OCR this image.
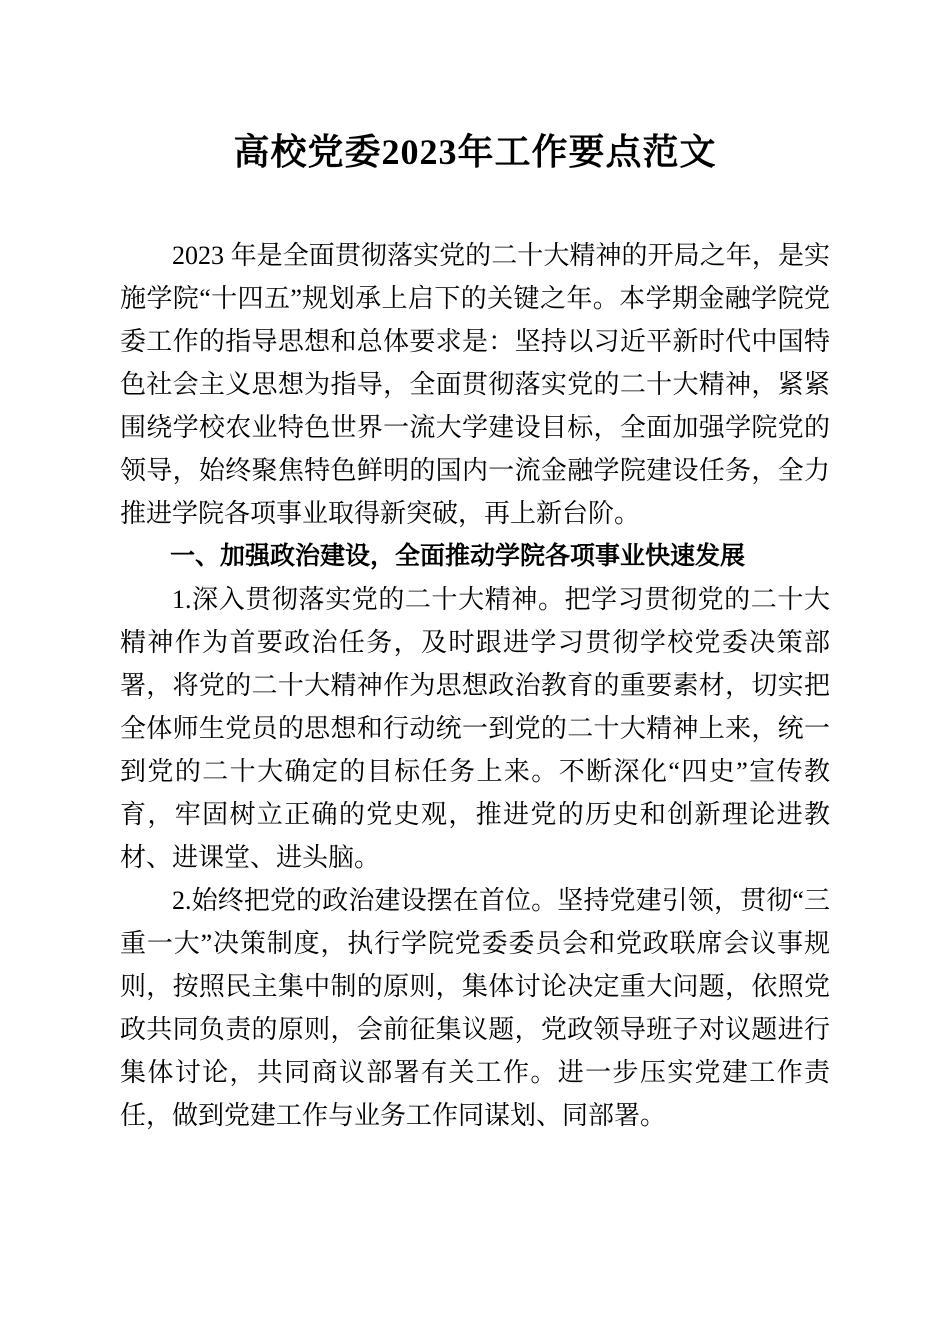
高校党委2023年工作要点范文

2023 年是全面贯彻落实党的二十大精神的开局之年，是实施学院“十四五”规划承上启下的关键之年。本学期金融学院党委工作的指导思想和总体要求是：坚持以习近平新时代中国特色社会主义思想为指导，全面贯彻落实党的二十大精神，紧紧围绕学校农业特色世界一流大学建设目标，全面加强学院党的领导，始终聚焦特色鲜明的国内一流金融学院建设任务，全力推进学院各项事业取得新突破，再上新台阶。

一、加强政治建设，全面推动学院各项事业快速发展

1.深入贯彻落实党的二十大精神。把学习贯彻党的二十大精神作为首要政治任务，及时跟进学习贯彻学校党委决策部署，将党的二十大精神作为思想政治教育的重要素材，切实把全体师生党员的思想和行动统一到党的二十大精神上来，统一到党的二十大确定的目标任务上来。不断深化“四史”宣传教育，牢固树立正确的党史观，推进党的历史和创新理论进教材、进课堂、进头脑。

2.始终把党的政治建设摆在首位。坚持党建引领，贯彻“三重一大”决策制度，执行学院党委委员会和党政联席会议事规则，按照民主集中制的原则，集体讨论决定重大问题，依照党政共同负责的原则，会前征集议题，党政领导班子对议题进行集体讨论，共同商议部署有关工作。进一步压实党建工作责任，做到党建工作与业务工作同谋划、同部署。
